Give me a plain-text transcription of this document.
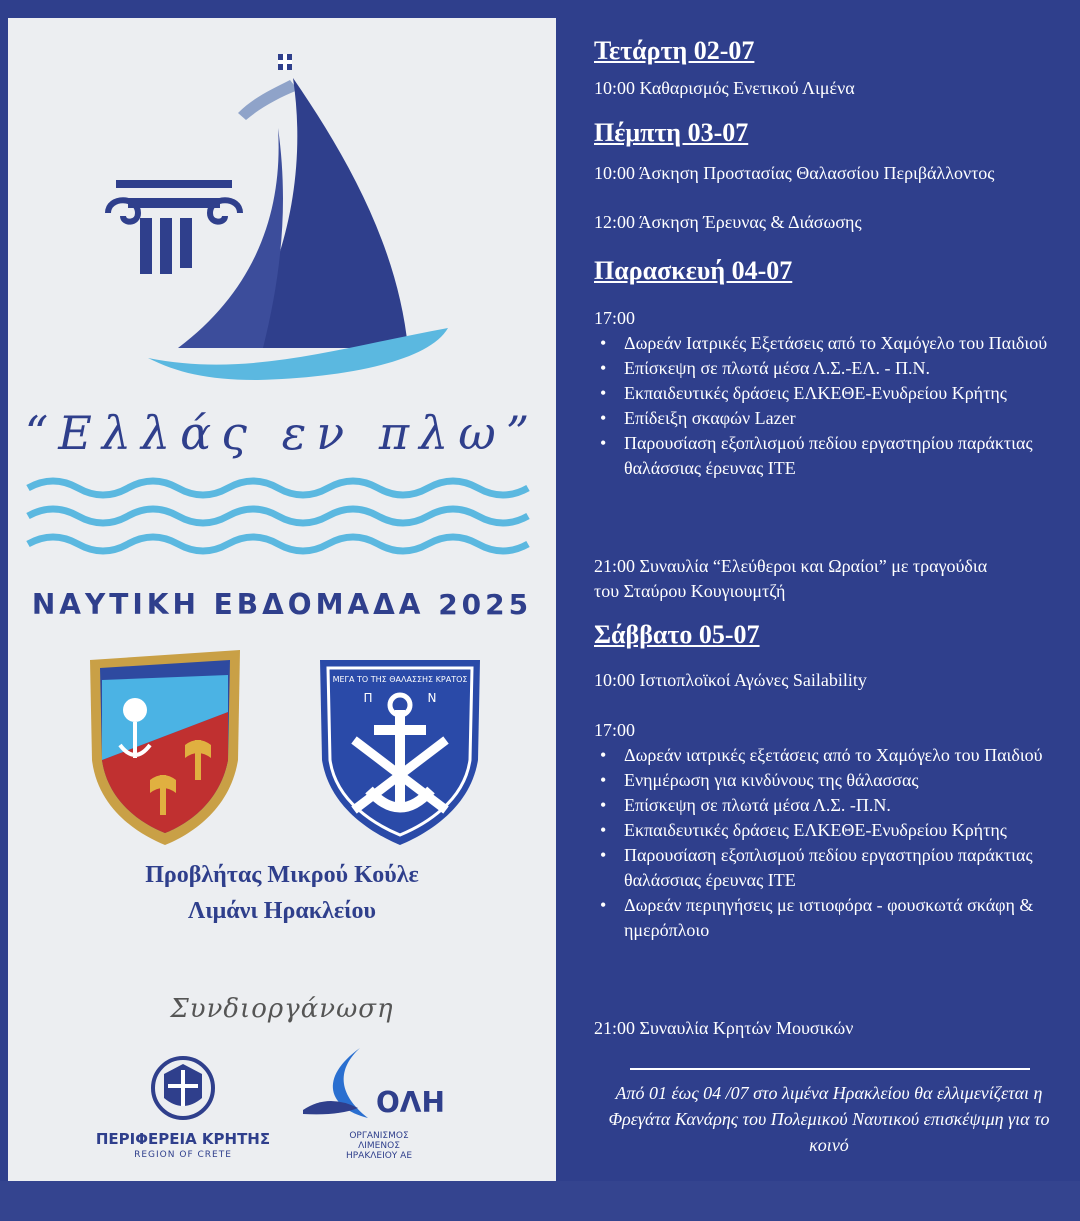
“Ελλάς εν πλω”
ΝΑΥΤΙΚΗ ΕΒΔΟΜΑΔΑ 2025
ΜΕΓΑ ΤΟ ΤΗΣ ΘΑΛΑΣΣΗΣ ΚΡΑΤΟΣ
Π	Ν
Προβλήτας Μικρού Κούλε
Λιμάνι Ηρακλείου
Συνδιοργάνωση
ΠΕΡΙΦΕΡΕΙΑ ΚΡΗΤΗΣ
REGION OF CRETE
ΟΛΗ
ΟΡΓΑΝΙΣΜΟΣ
ΛΙΜΕΝΟΣ
ΗΡΑΚΛΕΙΟΥ ΑΕ
Τετάρτη 02-07
10:00 Καθαρισμός Ενετικού Λιμένα
Πέμπτη 03-07
10:00 Άσκηση Προστασίας Θαλασσίου Περιβάλλοντος
12:00 Άσκηση Έρευνας & Διάσωσης
Παρασκευή 04-07
17:00
• Δωρεάν Ιατρικές Εξετάσεις από το Χαμόγελο του Παιδιού
• Επίσκεψη σε πλωτά μέσα Λ.Σ.-ΕΛ. - Π.Ν.
• Εκπαιδευτικές δράσεις ΕΛΚΕΘΕ-Ενυδρείου Κρήτης
• Επίδειξη σκαφών Lazer
• Παρουσίαση εξοπλισμού πεδίου εργαστηρίου παράκτιας θαλάσσιας έρευνας ΙΤΕ
21:00 Συναυλία “Ελεύθεροι και Ωραίοι” με τραγούδια
του Σταύρου Κουγιουμτζή
Σάββατο 05-07
10:00 Ιστιοπλοϊκοί Αγώνες Sailability
17:00
• Δωρεάν ιατρικές εξετάσεις από το Χαμόγελο του Παιδιού
• Ενημέρωση για κινδύνους της θάλασσας
• Επίσκεψη σε πλωτά μέσα Λ.Σ. -Π.Ν.
• Εκπαιδευτικές δράσεις ΕΛΚΕΘΕ-Ενυδρείου Κρήτης
• Παρουσίαση εξοπλισμού πεδίου εργαστηρίου παράκτιας θαλάσσιας έρευνας ΙΤΕ
• Δωρεάν περιηγήσεις με ιστιοφόρα - φουσκωτά σκάφη & ημερόπλοιο
21:00 Συναυλία Κρητών Μουσικών
Από 01 έως 04 /07 στο λιμένα Ηρακλείου θα ελλιμενίζεται η Φρεγάτα Κανάρης του Πολεμικού Ναυτικού επισκέψιμη για το κοινό
